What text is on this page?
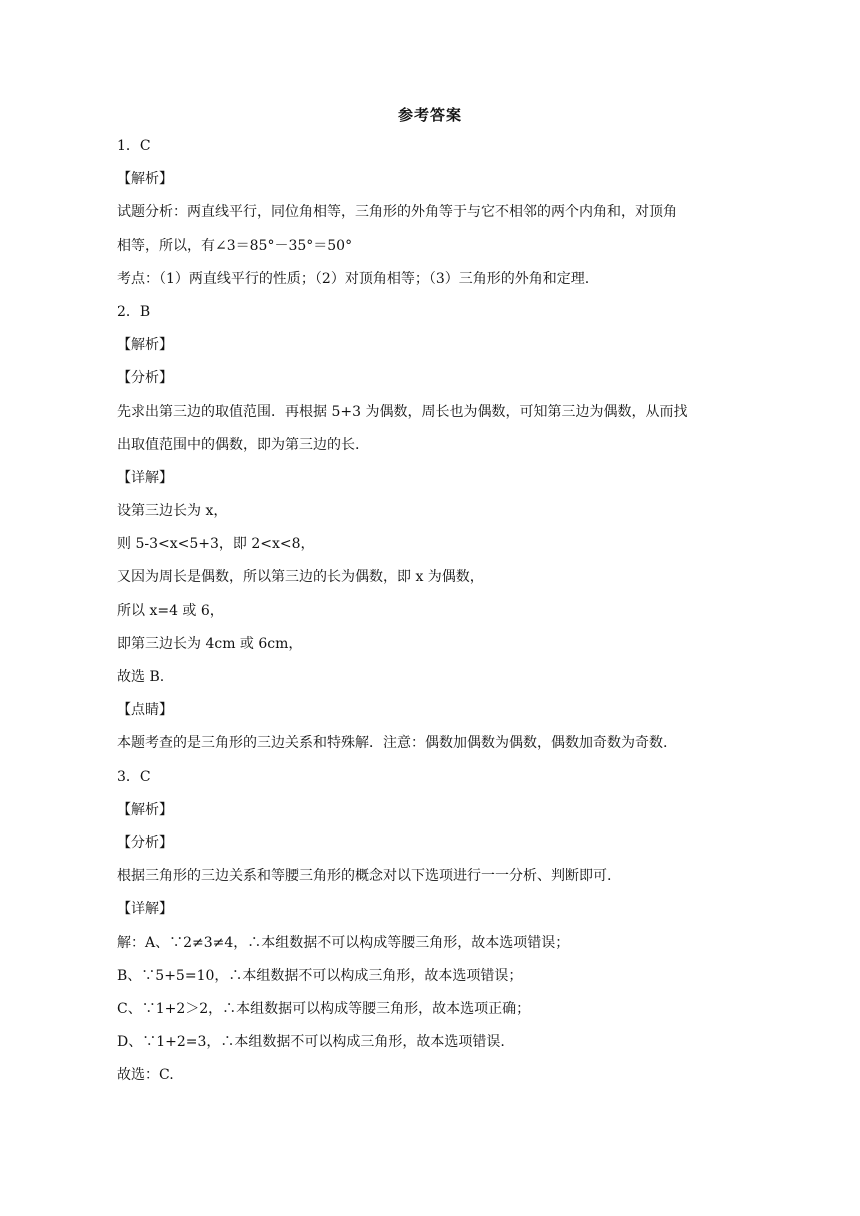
参考答案
1．C
【解析】
试题分析：两直线平行，同位角相等，三角形的外角等于与它不相邻的两个内角和，对顶角
相等，所以，有∠3＝85°－35°＝50°
考点：（1）两直线平行的性质；（2）对顶角相等；（3）三角形的外角和定理.
2．B
【解析】
【分析】
先求出第三边的取值范围．再根据 5+3 为偶数，周长也为偶数，可知第三边为偶数，从而找
出取值范围中的偶数，即为第三边的长.
【详解】
设第三边长为 x，
则 5-3<x<5+3，即 2<x<8，
又因为周长是偶数，所以第三边的长为偶数，即 x 为偶数，
所以 x=4 或 6，
即第三边长为 4cm 或 6cm，
故选 B.
【点睛】
本题考查的是三角形的三边关系和特殊解．注意：偶数加偶数为偶数，偶数加奇数为奇数.
3．C
【解析】
【分析】
根据三角形的三边关系和等腰三角形的概念对以下选项进行一一分析、判断即可.
【详解】
解：A、∵2≠3≠4，∴本组数据不可以构成等腰三角形，故本选项错误；
B、∵5+5=10，∴本组数据不可以构成三角形，故本选项错误；
C、∵1+2＞2，∴本组数据可以构成等腰三角形，故本选项正确；
D、∵1+2=3，∴本组数据不可以构成三角形，故本选项错误.
故选：C.
